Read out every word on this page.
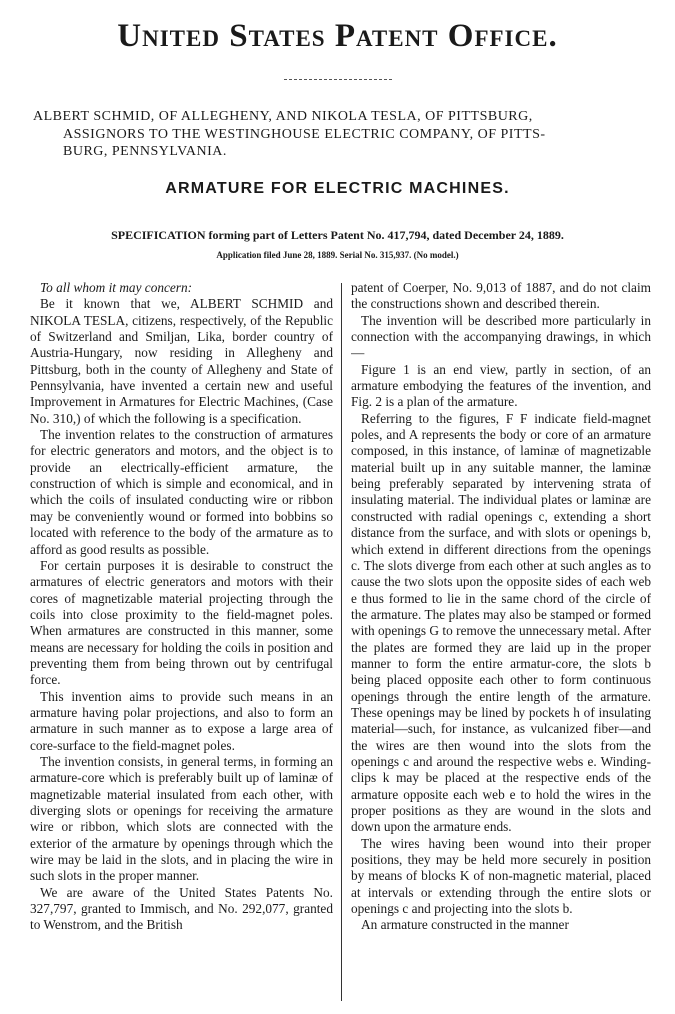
United States Patent Office.
ALBERT SCHMID, OF ALLEGHENY, AND NIKOLA TESLA, OF PITTSBURG,
ASSIGNORS TO THE WESTINGHOUSE ELECTRIC COMPANY, OF PITTS-
BURG, PENNSYLVANIA.
ARMATURE FOR ELECTRIC MACHINES.
SPECIFICATION forming part of Letters Patent No. 417,794, dated December 24, 1889.
Application filed June 28, 1889. Serial No. 315,937. (No model.)

To all whom it may concern:

Be it known that we, ALBERT SCHMID and NIKOLA TESLA, citizens, respectively, of the Republic of Switzerland and Smiljan, Lika, border country of Austria-Hungary, now residing in Allegheny and Pittsburg, both in the county of Allegheny and State of Pennsylvania, have invented a certain new and useful Improvement in Armatures for Electric Machines, (Case No. 310,) of which the following is a specification.

The invention relates to the construction of armatures for electric generators and motors, and the object is to provide an electrically-efficient armature, the construction of which is simple and economical, and in which the coils of insulated conducting wire or ribbon may be conveniently wound or formed into bobbins so located with reference to the body of the armature as to afford as good results as possible.

For certain purposes it is desirable to construct the armatures of electric generators and motors with their cores of magnetizable material projecting through the coils into close proximity to the field-magnet poles. When armatures are constructed in this manner, some means are necessary for holding the coils in position and preventing them from being thrown out by centrifugal force.

This invention aims to provide such means in an armature having polar projections, and also to form an armature in such manner as to expose a large area of core-surface to the field-magnet poles.

The invention consists, in general terms, in forming an armature-core which is preferably built up of laminæ of magnetizable material insulated from each other, with diverging slots or openings for receiving the armature wire or ribbon, which slots are connected with the exterior of the armature by openings through which the wire may be laid in the slots, and in placing the wire in such slots in the proper manner.

We are aware of the United States Patents No. 327,797, granted to Immisch, and No. 292,077, granted to Wenstrom, and the British

patent of Coerper, No. 9,013 of 1887, and do not claim the constructions shown and described therein.

The invention will be described more particularly in connection with the accompanying drawings, in which—

Figure 1 is an end view, partly in section, of an armature embodying the features of the invention, and Fig. 2 is a plan of the armature.

Referring to the figures, F F indicate field-magnet poles, and A represents the body or core of an armature composed, in this instance, of laminæ of magnetizable material built up in any suitable manner, the laminæ being preferably separated by intervening strata of insulating material. The individual plates or laminæ are constructed with radial openings c, extending a short distance from the surface, and with slots or openings b, which extend in different directions from the openings c. The slots diverge from each other at such angles as to cause the two slots upon the opposite sides of each web e thus formed to lie in the same chord of the circle of the armature. The plates may also be stamped or formed with openings G to remove the unnecessary metal. After the plates are formed they are laid up in the proper manner to form the entire armatur-core, the slots b being placed opposite each other to form continuous openings through the entire length of the armature. These openings may be lined by pockets h of insulating material—such, for instance, as vulcanized fiber—and the wires are then wound into the slots from the openings c and around the respective webs e. Winding-clips k may be placed at the respective ends of the armature opposite each web e to hold the wires in the proper positions as they are wound in the slots and down upon the armature ends.

The wires having been wound into their proper positions, they may be held more securely in position by means of blocks K of non-magnetic material, placed at intervals or extending through the entire slots or openings c and projecting into the slots b.

An armature constructed in the manner
